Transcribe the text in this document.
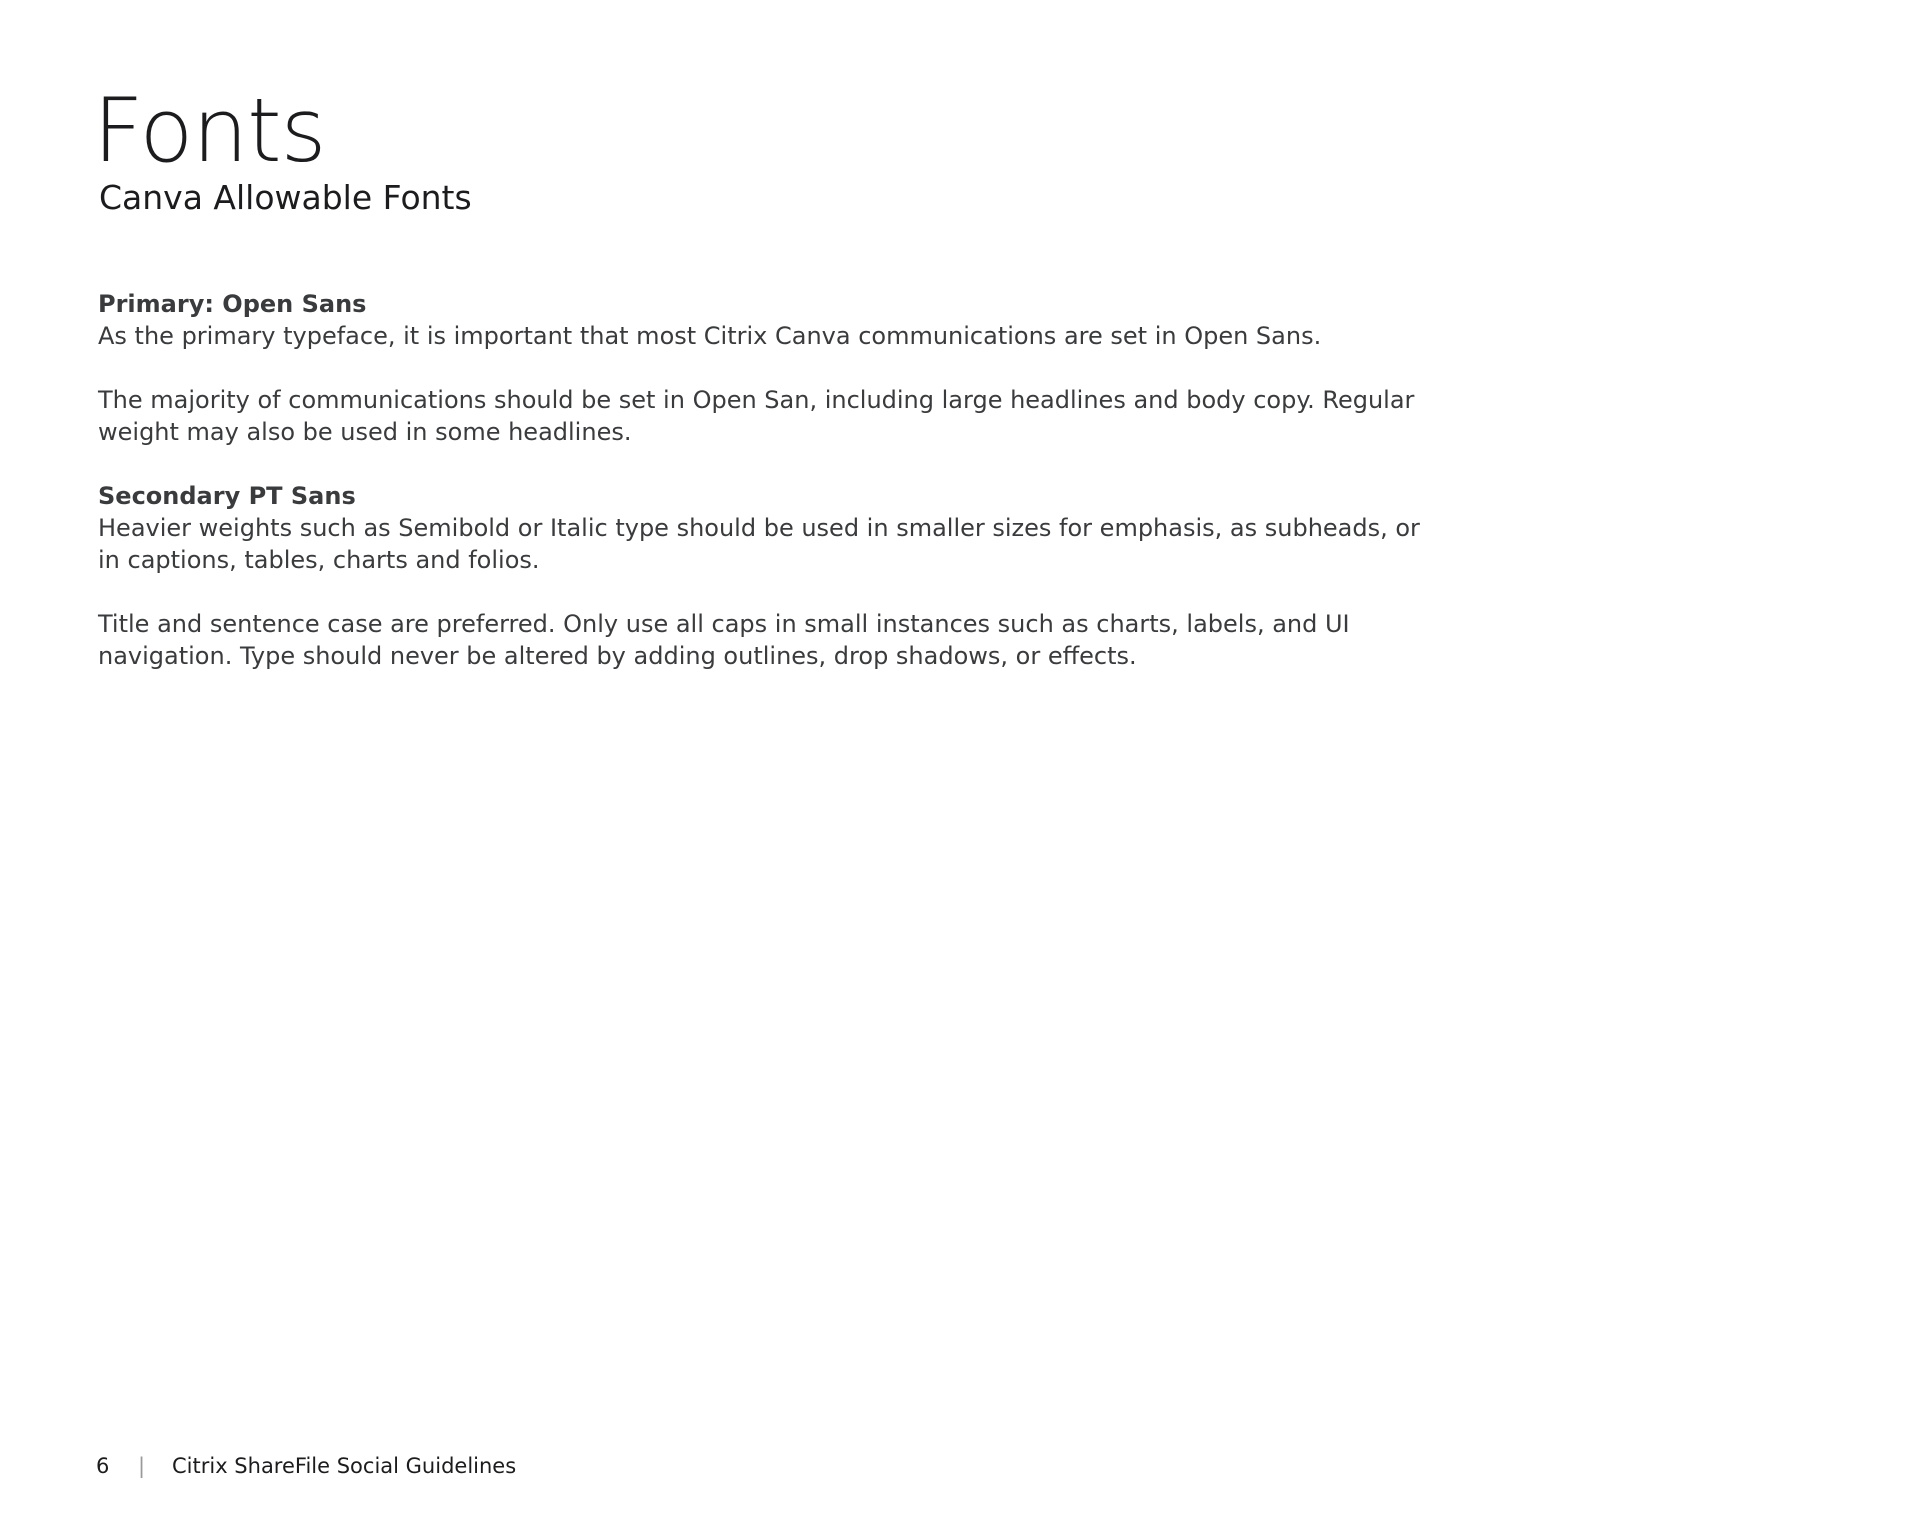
Fonts
Canva Allowable Fonts
Primary: Open Sans

As the primary typeface, it is important that most Citrix Canva communications are set in Open Sans.

The majority of communications should be set in Open San, including large headlines and body copy. Regular weight may also be used in some headlines.

Secondary PT Sans

Heavier weights such as Semibold or Italic type should be used in smaller sizes for emphasis, as subheads, or in captions, tables, charts and folios.

Title and sentence case are preferred. Only use all caps in small instances such as charts, labels, and UI navigation. Type should never be altered by adding outlines, drop shadows, or effects.

6	|	Citrix ShareFile Social Guidelines
